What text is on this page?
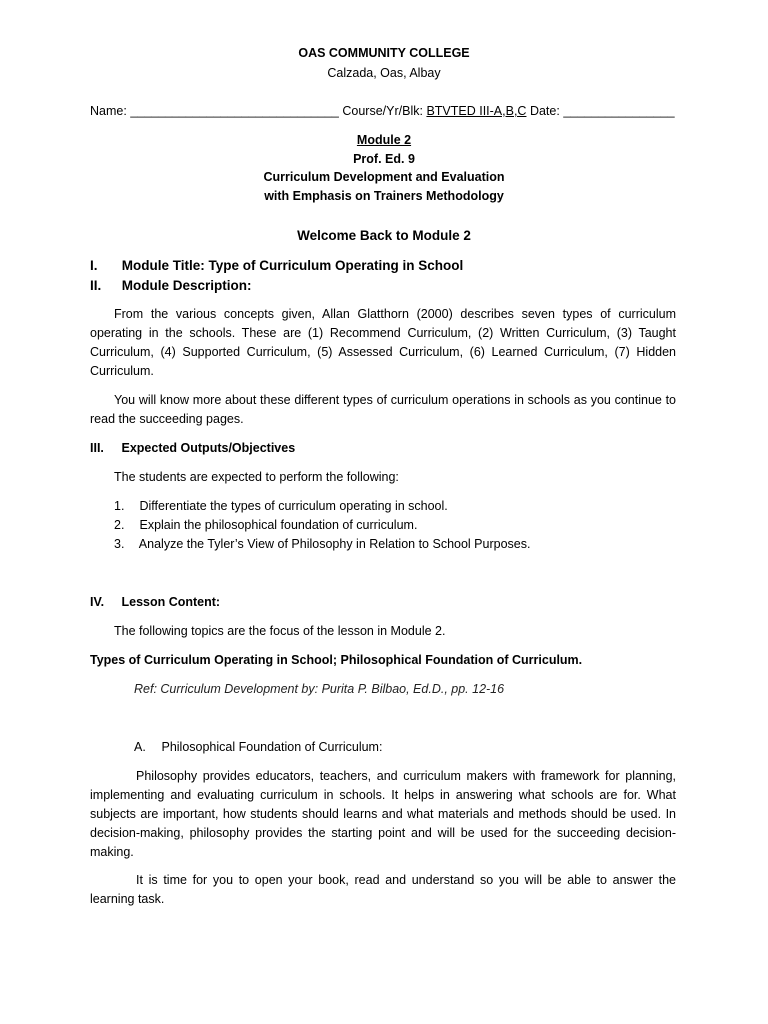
OAS COMMUNITY COLLEGE
Calzada, Oas, Albay
Name: ______________________________ Course/Yr/Blk: BTVTED III-A,B,C Date: ________________
Module 2
Prof. Ed. 9
Curriculum Development and Evaluation
with Emphasis on Trainers Methodology
Welcome Back to Module 2
I. Module Title: Type of Curriculum Operating in School
II. Module Description:
From the various concepts given, Allan Glatthorn (2000) describes seven types of curriculum operating in the schools. These are (1) Recommend Curriculum, (2) Written Curriculum, (3) Taught Curriculum, (4) Supported Curriculum, (5) Assessed Curriculum, (6) Learned Curriculum, (7) Hidden Curriculum.
You will know more about these different types of curriculum operations in schools as you continue to read the succeeding pages.
III. Expected Outputs/Objectives
The students are expected to perform the following:
1. Differentiate the types of curriculum operating in school.
2. Explain the philosophical foundation of curriculum.
3. Analyze the Tyler’s View of Philosophy in Relation to School Purposes.
IV. Lesson Content:
The following topics are the focus of the lesson in Module 2.
Types of Curriculum Operating in School; Philosophical Foundation of Curriculum.
Ref: Curriculum Development by: Purita P. Bilbao, Ed.D., pp. 12-16
A. Philosophical Foundation of Curriculum:
Philosophy provides educators, teachers, and curriculum makers with framework for planning, implementing and evaluating curriculum in schools. It helps in answering what schools are for. What subjects are important, how students should learns and what materials and methods should be used. In decision-making, philosophy provides the starting point and will be used for the succeeding decision-making.
It is time for you to open your book, read and understand so you will be able to answer the learning task.
